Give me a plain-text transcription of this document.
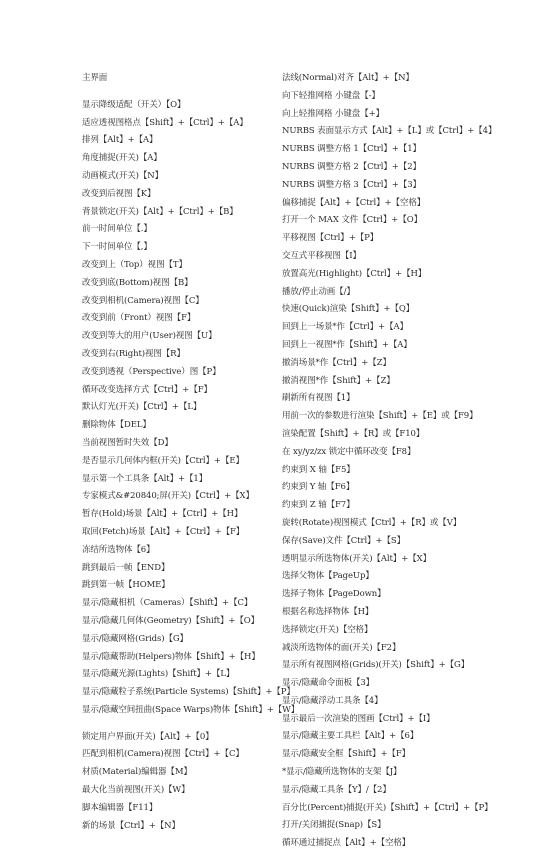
主界面
显示降级适配（开关）【O】
适应透视图格点【Shift】+【Ctrl】+【A】
排列【Alt】+【A】
角度捕捉(开关)【A】
动画模式(开关)【N】
改变到后视图【K】
背景锁定(开关)【Alt】+【Ctrl】+【B】
前一时间单位【.】
下一时间单位【,】
改变到上（Top）视图【T】
改变到底(Bottom)视图【B】
改变到相机(Camera)视图【C】
改变到前（Front）视图【F】
改变到等大的用户(User)视图【U】
改变到右(Right)视图【R】
改变到透视（Perspective）图【P】
循环改变选择方式【Ctrl】+【F】
默认灯光(开关)【Ctrl】+【L】
删除物体【DEL】
当前视图暂时失效【D】
是否显示几何体内框(开关)【Ctrl】+【E】
显示第一个工具条【Alt】+【1】
专家模式&#20840;屏(开关)【Ctrl】+【X】
暂存(Hold)场景【Alt】+【Ctrl】+【H】
取回(Fetch)场景【Alt】+【Ctrl】+【F】
冻结所选物体【6】
跳到最后一帧【END】
跳到第一帧【HOME】
显示/隐藏相机（Cameras）【Shift】+【C】
显示/隐藏几何体(Geometry)【Shift】+【O】
显示/隐藏网格(Grids)【G】
显示/隐藏帮助(Helpers)物体【Shift】+【H】
显示/隐藏光源(Lights)【Shift】+【L】
显示/隐藏粒子系统(Particle Systems)【Shift】+【P】
显示/隐藏空间扭曲(Space Warps)物体【Shift】+【W】
锁定用户界面(开关)【Alt】+【0】
匹配到相机(Camera)视图【Ctrl】+【C】
材质(Material)编辑器【M】
最大化当前视图(开关)【W】
脚本编辑器【F11】
新的场景【Ctrl】+【N】
法线(Normal)对齐【Alt】+【N】
向下轻推网格 小键盘【-】
向上轻推网格 小键盘【+】
NURBS 表面显示方式【Alt】+【L】或【Ctrl】+【4】
NURBS 调整方格 1【Ctrl】+【1】
NURBS 调整方格 2【Ctrl】+【2】
NURBS 调整方格 3【Ctrl】+【3】
偏移捕捉【Alt】+【Ctrl】+【空格】
打开一个 MAX 文件【Ctrl】+【O】
平移视图【Ctrl】+【P】
交互式平移视图【I】
放置高光(Highlight)【Ctrl】+【H】
播放/停止动画【/】
快速(Quick)渲染【Shift】+【Q】
回到上一场景*作【Ctrl】+【A】
回到上一视图*作【Shift】+【A】
撤消场景*作【Ctrl】+【Z】
撤消视图*作【Shift】+【Z】
刷新所有视图【1】
用前一次的参数进行渲染【Shift】+【E】或【F9】
渲染配置【Shift】+【R】或【F10】
在 xy/yz/zx 锁定中循环改变【F8】
约束到 X 轴【F5】
约束到 Y 轴【F6】
约束到 Z 轴【F7】
旋转(Rotate)视图模式【Ctrl】+【R】或【V】
保存(Save)文件【Ctrl】+【S】
透明显示所选物体(开关)【Alt】+【X】
选择父物体【PageUp】
选择子物体【PageDown】
根据名称选择物体【H】
选择锁定(开关)【空格】
减淡所选物体的面(开关)【F2】
显示所有视图网格(Grids)(开关)【Shift】+【G】
显示/隐藏命令面板【3】
显示/隐藏浮动工具条【4】
显示最后一次渲染的图画【Ctrl】+【I】
显示/隐藏主要工具栏【Alt】+【6】
显示/隐藏安全框【Shift】+【F】
*显示/隐藏所选物体的支架【J】
显示/隐藏工具条【Y】/【2】
百分比(Percent)捕捉(开关)【Shift】+【Ctrl】+【P】
打开/关闭捕捉(Snap)【S】
循环通过捕捉点【Alt】+【空格】
